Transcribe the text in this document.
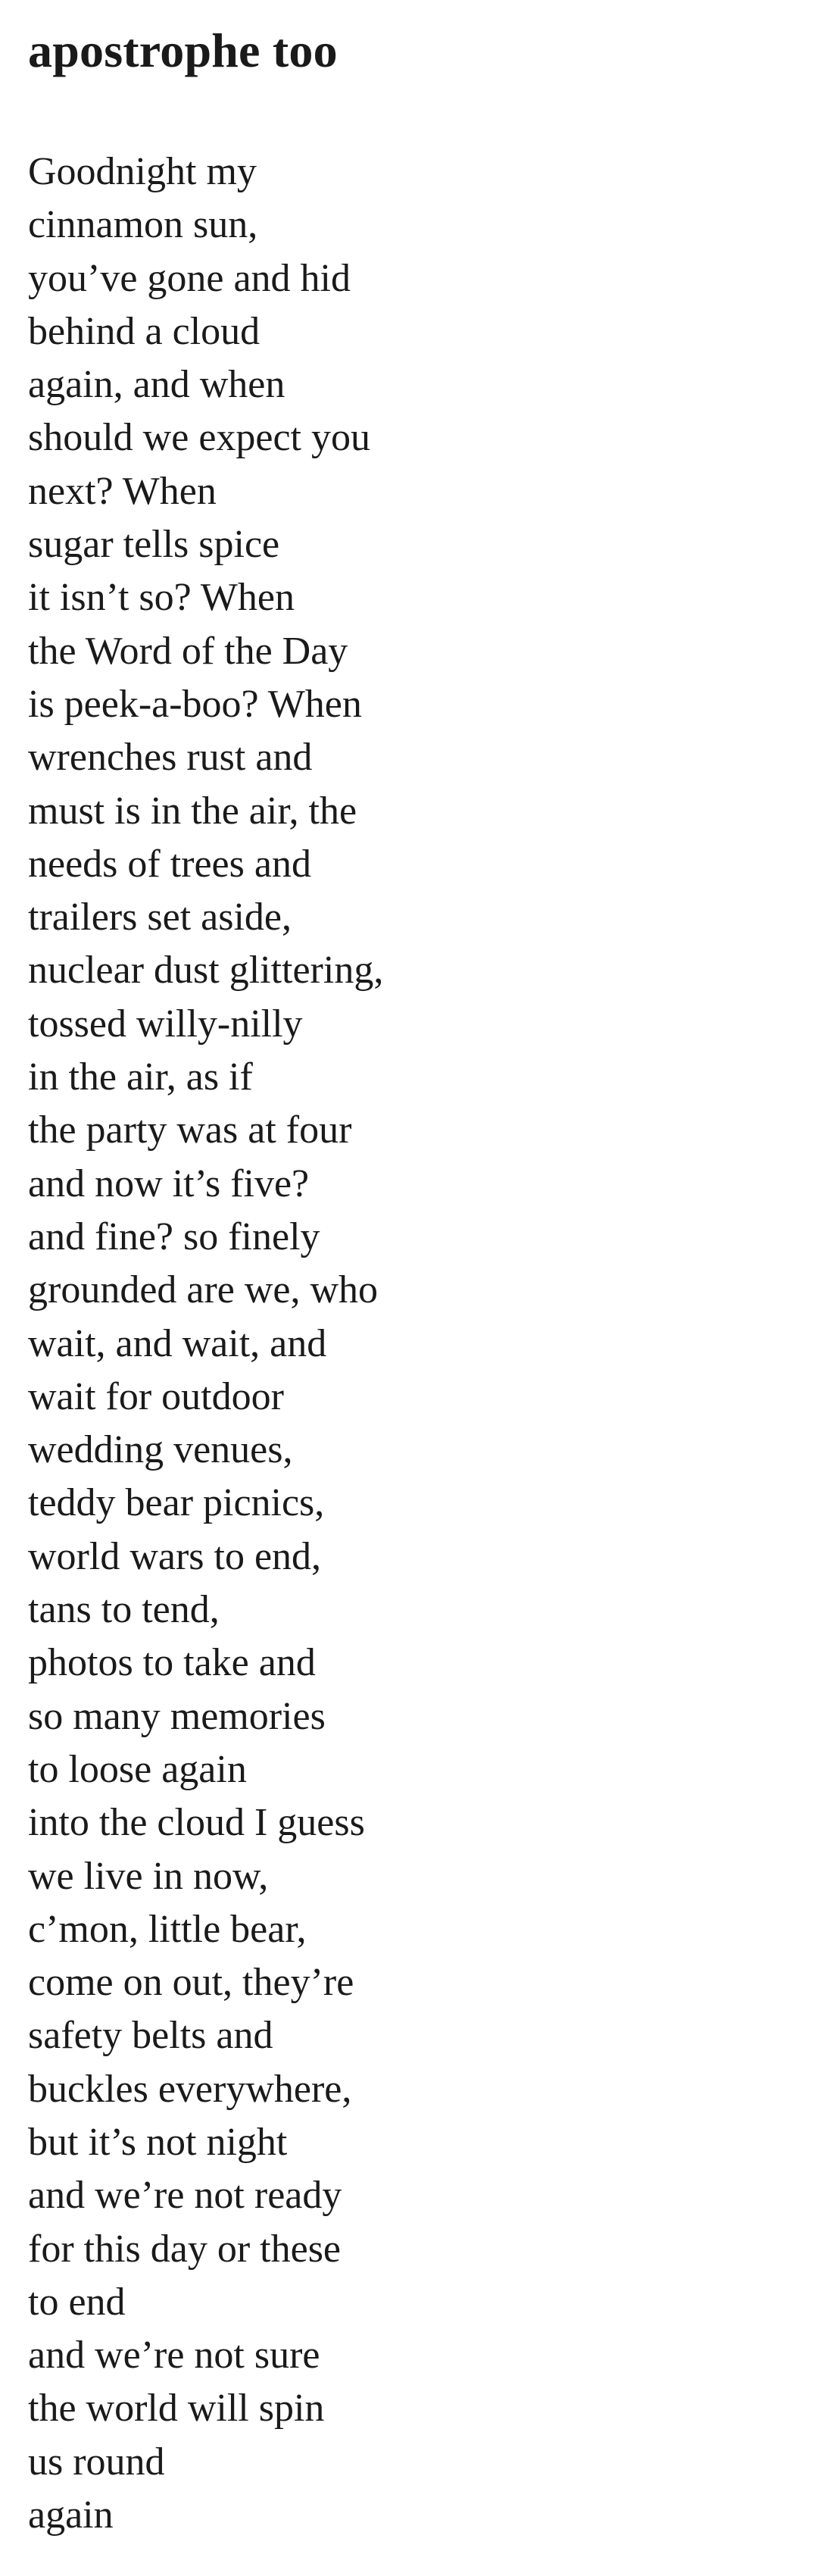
apostrophe too
Goodnight my
cinnamon sun,
you’ve gone and hid
behind a cloud
again, and when
should we expect you
next? When
sugar tells spice
it isn’t so? When
the Word of the Day
is peek-a-boo? When
wrenches rust and
must is in the air, the
needs of trees and
trailers set aside,
nuclear dust glittering,
tossed willy-nilly
in the air, as if
the party was at four
and now it’s five?
and fine? so finely
grounded are we, who
wait, and wait, and
wait for outdoor
wedding venues,
teddy bear picnics,
world wars to end,
tans to tend,
photos to take and
so many memories
to loose again
into the cloud I guess
we live in now,
c’mon, little bear,
come on out, they’re
safety belts and
buckles everywhere,
but it’s not night
and we’re not ready
for this day or these
to end
and we’re not sure
the world will spin
us round
again
